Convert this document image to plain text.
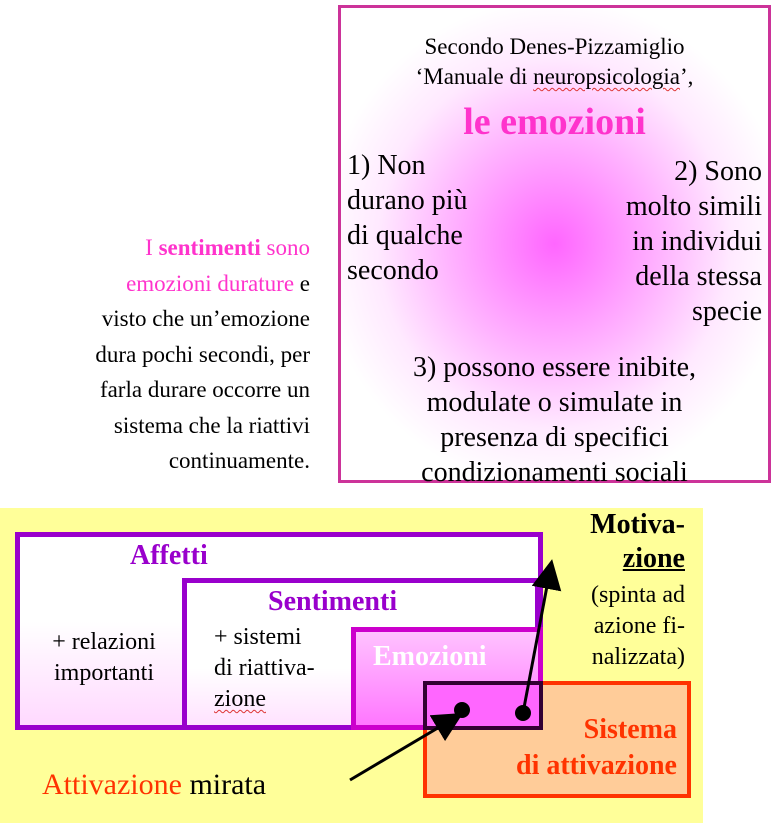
I sentimenti sono
emozioni durature e
visto che un’emozione
dura pochi secondi, per
farla durare occorre un
sistema che la riattivi
continuamente.
Secondo Denes-Pizzamiglio
‘Manuale di neuropsicologia’,
le emozioni
1) Non
durano più
di qualche
secondo
2) Sono
molto simili
in individui
della stessa
specie
3) possono essere inibite,
modulate o simulate in
presenza di specifici
condizionamenti sociali
Affetti
+ relazioni
importanti
Sentimenti
+ sistemi
di riattiva-
zione
Emozioni
Sistema
di attivazione
Motiva-
zione
(spinta ad
azione fi-
nalizzata)
Attivazione mirata
